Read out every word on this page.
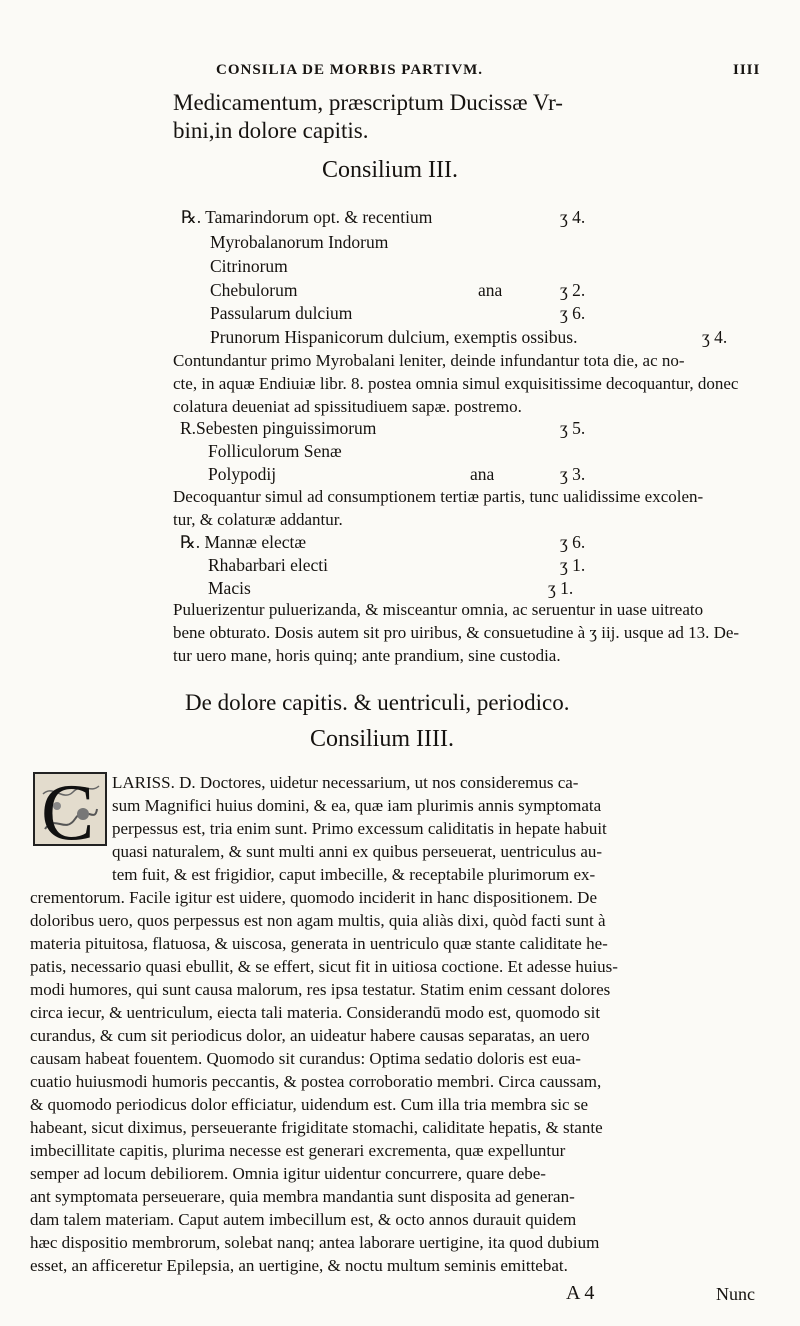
CONSILIA DE MORBIS PARTIVM.	IIII
Medicamentum, præscriptum Ducissæ Vr-
bini,in dolore capitis.
Consilium III.
℞. Tamarindorum opt. & recentium	ʒ 4.
Myrobalanorum Indorum
Citrinorum
Chebulorum	ana	ʒ 2.
Passularum dulcium	ʒ 6.
Prunorum Hispanicorum dulcium, exemptis ossibus.	ʒ 4.
Contundantur primo Myrobalani leniter, deinde infundantur tota die, ac no-
cte, in aquæ Endiuiæ libr. 8. postea omnia simul exquisitissime decoquantur, donec
colatura deueniat ad spissitudiuem sapæ. postremo.
R.Sebesten pinguissimorum	ʒ 5.
Folliculorum Senæ
Polypodij	ana	ʒ 3.
Decoquantur simul ad consumptionem tertiæ partis, tunc ualidissime excolen-
tur, & colaturæ addantur.
℞. Mannæ electæ	ʒ 6.
Rhabarbari electi	ʒ 1.
Macis	ʒ 1.
Puluerizentur puluerizanda, & misceantur omnia, ac seruentur in uase uitreato
bene obturato. Dosis autem sit pro uiribus, & consuetudine à ʒ iij. usque ad 13. De-
tur uero mane, horis quinq; ante prandium, sine custodia.
De dolore capitis. & uentriculi, periodico.
Consilium IIII.
C LARISS. D. Doctores, uidetur necessarium, ut nos consideremus ca-
sum Magnifici huius domini, & ea, quæ iam plurimis annis symptomata
perpessus est, tria enim sunt. Primo excessum caliditatis in hepate habuit
quasi naturalem, & sunt multi anni ex quibus perseuerat, uentriculus au-
tem fuit, & est frigidior, caput imbecille, & receptabile plurimorum ex-
crementorum. Facile igitur est uidere, quomodo inciderit in hanc dispositionem. De
doloribus uero, quos perpessus est non agam multis, quia aliàs dixi, quòd facti sunt à
materia pituitosa, flatuosa, & uiscosa, generata in uentriculo quæ stante caliditate he-
patis, necessario quasi ebullit, & se effert, sicut fit in uitiosa coctione. Et adesse huius-
modi humores, qui sunt causa malorum, res ipsa testatur. Statim enim cessant dolores
circa iecur, & uentriculum, eiecta tali materia. Considerandū modo est, quomodo sit
curandus, & cum sit periodicus dolor, an uideatur habere causas separatas, an uero
causam habeat fouentem. Quomodo sit curandus: Optima sedatio doloris est eua-
cuatio huiusmodi humoris peccantis, & postea corroboratio membri. Circa caussam,
& quomodo periodicus dolor efficiatur, uidendum est. Cum illa tria membra sic se
habeant, sicut diximus, perseuerante frigiditate stomachi, caliditate hepatis, & stante
imbecillitate capitis, plurima necesse est generari excrementa, quæ expelluntur
semper ad locum debiliorem. Omnia igitur uidentur concurrere, quare debe-
ant symptomata perseuerare, quia membra mandantia sunt disposita ad generan-
dam talem materiam. Caput autem imbecillum est, & octo annos durauit quidem
hæc dispositio membrorum, solebat nanq; antea laborare uertigine, ita quod dubium
esset, an afficeretur Epilepsia, an uertigine, & noctu multum seminis emittebat.
A 4	Nunc
